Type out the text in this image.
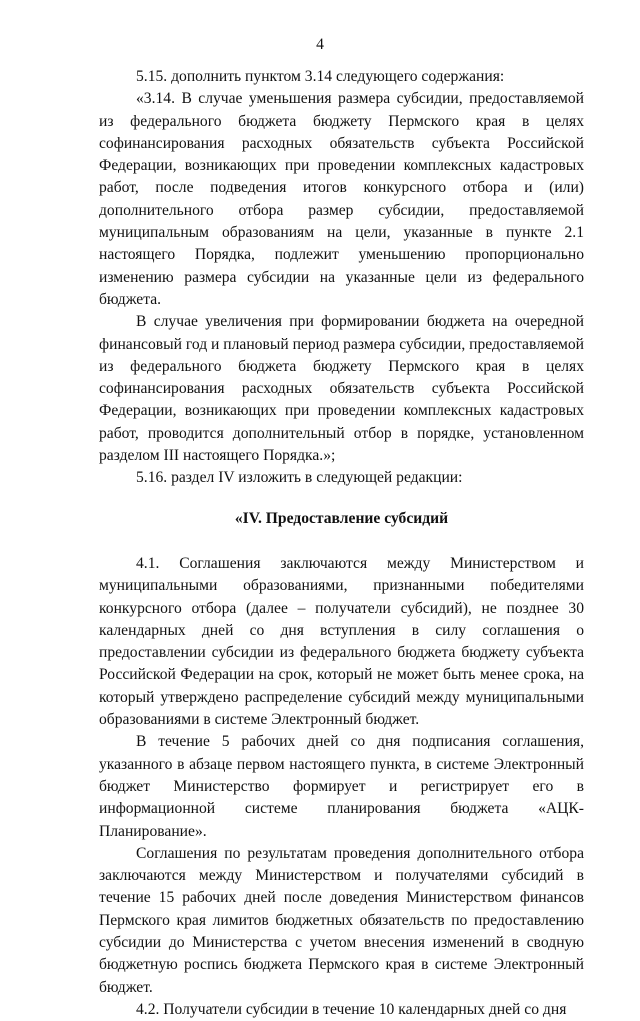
4

5.15. дополнить пунктом 3.14 следующего содержания:

«3.14. В случае уменьшения размера субсидии, предоставляемой из федерального бюджета бюджету Пермского края в целях софинансирования расходных обязательств субъекта Российской Федерации, возникающих при проведении комплексных кадастровых работ, после подведения итогов конкурсного отбора и (или) дополнительного отбора размер субсидии, предоставляемой муниципальным образованиям на цели, указанные в пункте 2.1 настоящего Порядка, подлежит уменьшению пропорционально изменению размера субсидии на указанные цели из федерального бюджета.

В случае увеличения при формировании бюджета на очередной финансовый год и плановый период размера субсидии, предоставляемой из федерального бюджета бюджету Пермского края в целях софинансирования расходных обязательств субъекта Российской Федерации, возникающих при проведении комплексных кадастровых работ, проводится дополнительный отбор в порядке, установленном разделом III настоящего Порядка.»;

5.16. раздел IV изложить в следующей редакции:

«IV. Предоставление субсидий

4.1. Соглашения заключаются между Министерством и муниципальными образованиями, признанными победителями конкурсного отбора (далее – получатели субсидий), не позднее 30 календарных дней со дня вступления в силу соглашения о предоставлении субсидии из федерального бюджета бюджету субъекта Российской Федерации на срок, который не может быть менее срока, на который утверждено распределение субсидий между муниципальными образованиями в системе Электронный бюджет.

В течение 5 рабочих дней со дня подписания соглашения, указанного в абзаце первом настоящего пункта, в системе Электронный бюджет Министерство формирует и регистрирует его в информационной системе планирования бюджета «АЦК-Планирование».

Соглашения по результатам проведения дополнительного отбора заключаются между Министерством и получателями субсидий в течение 15 рабочих дней после доведения Министерством финансов Пермского края лимитов бюджетных обязательств по предоставлению субсидии до Министерства с учетом внесения изменений в сводную бюджетную роспись бюджета Пермского края в системе Электронный бюджет.

4.2. Получатели субсидии в течение 10 календарных дней со дня
